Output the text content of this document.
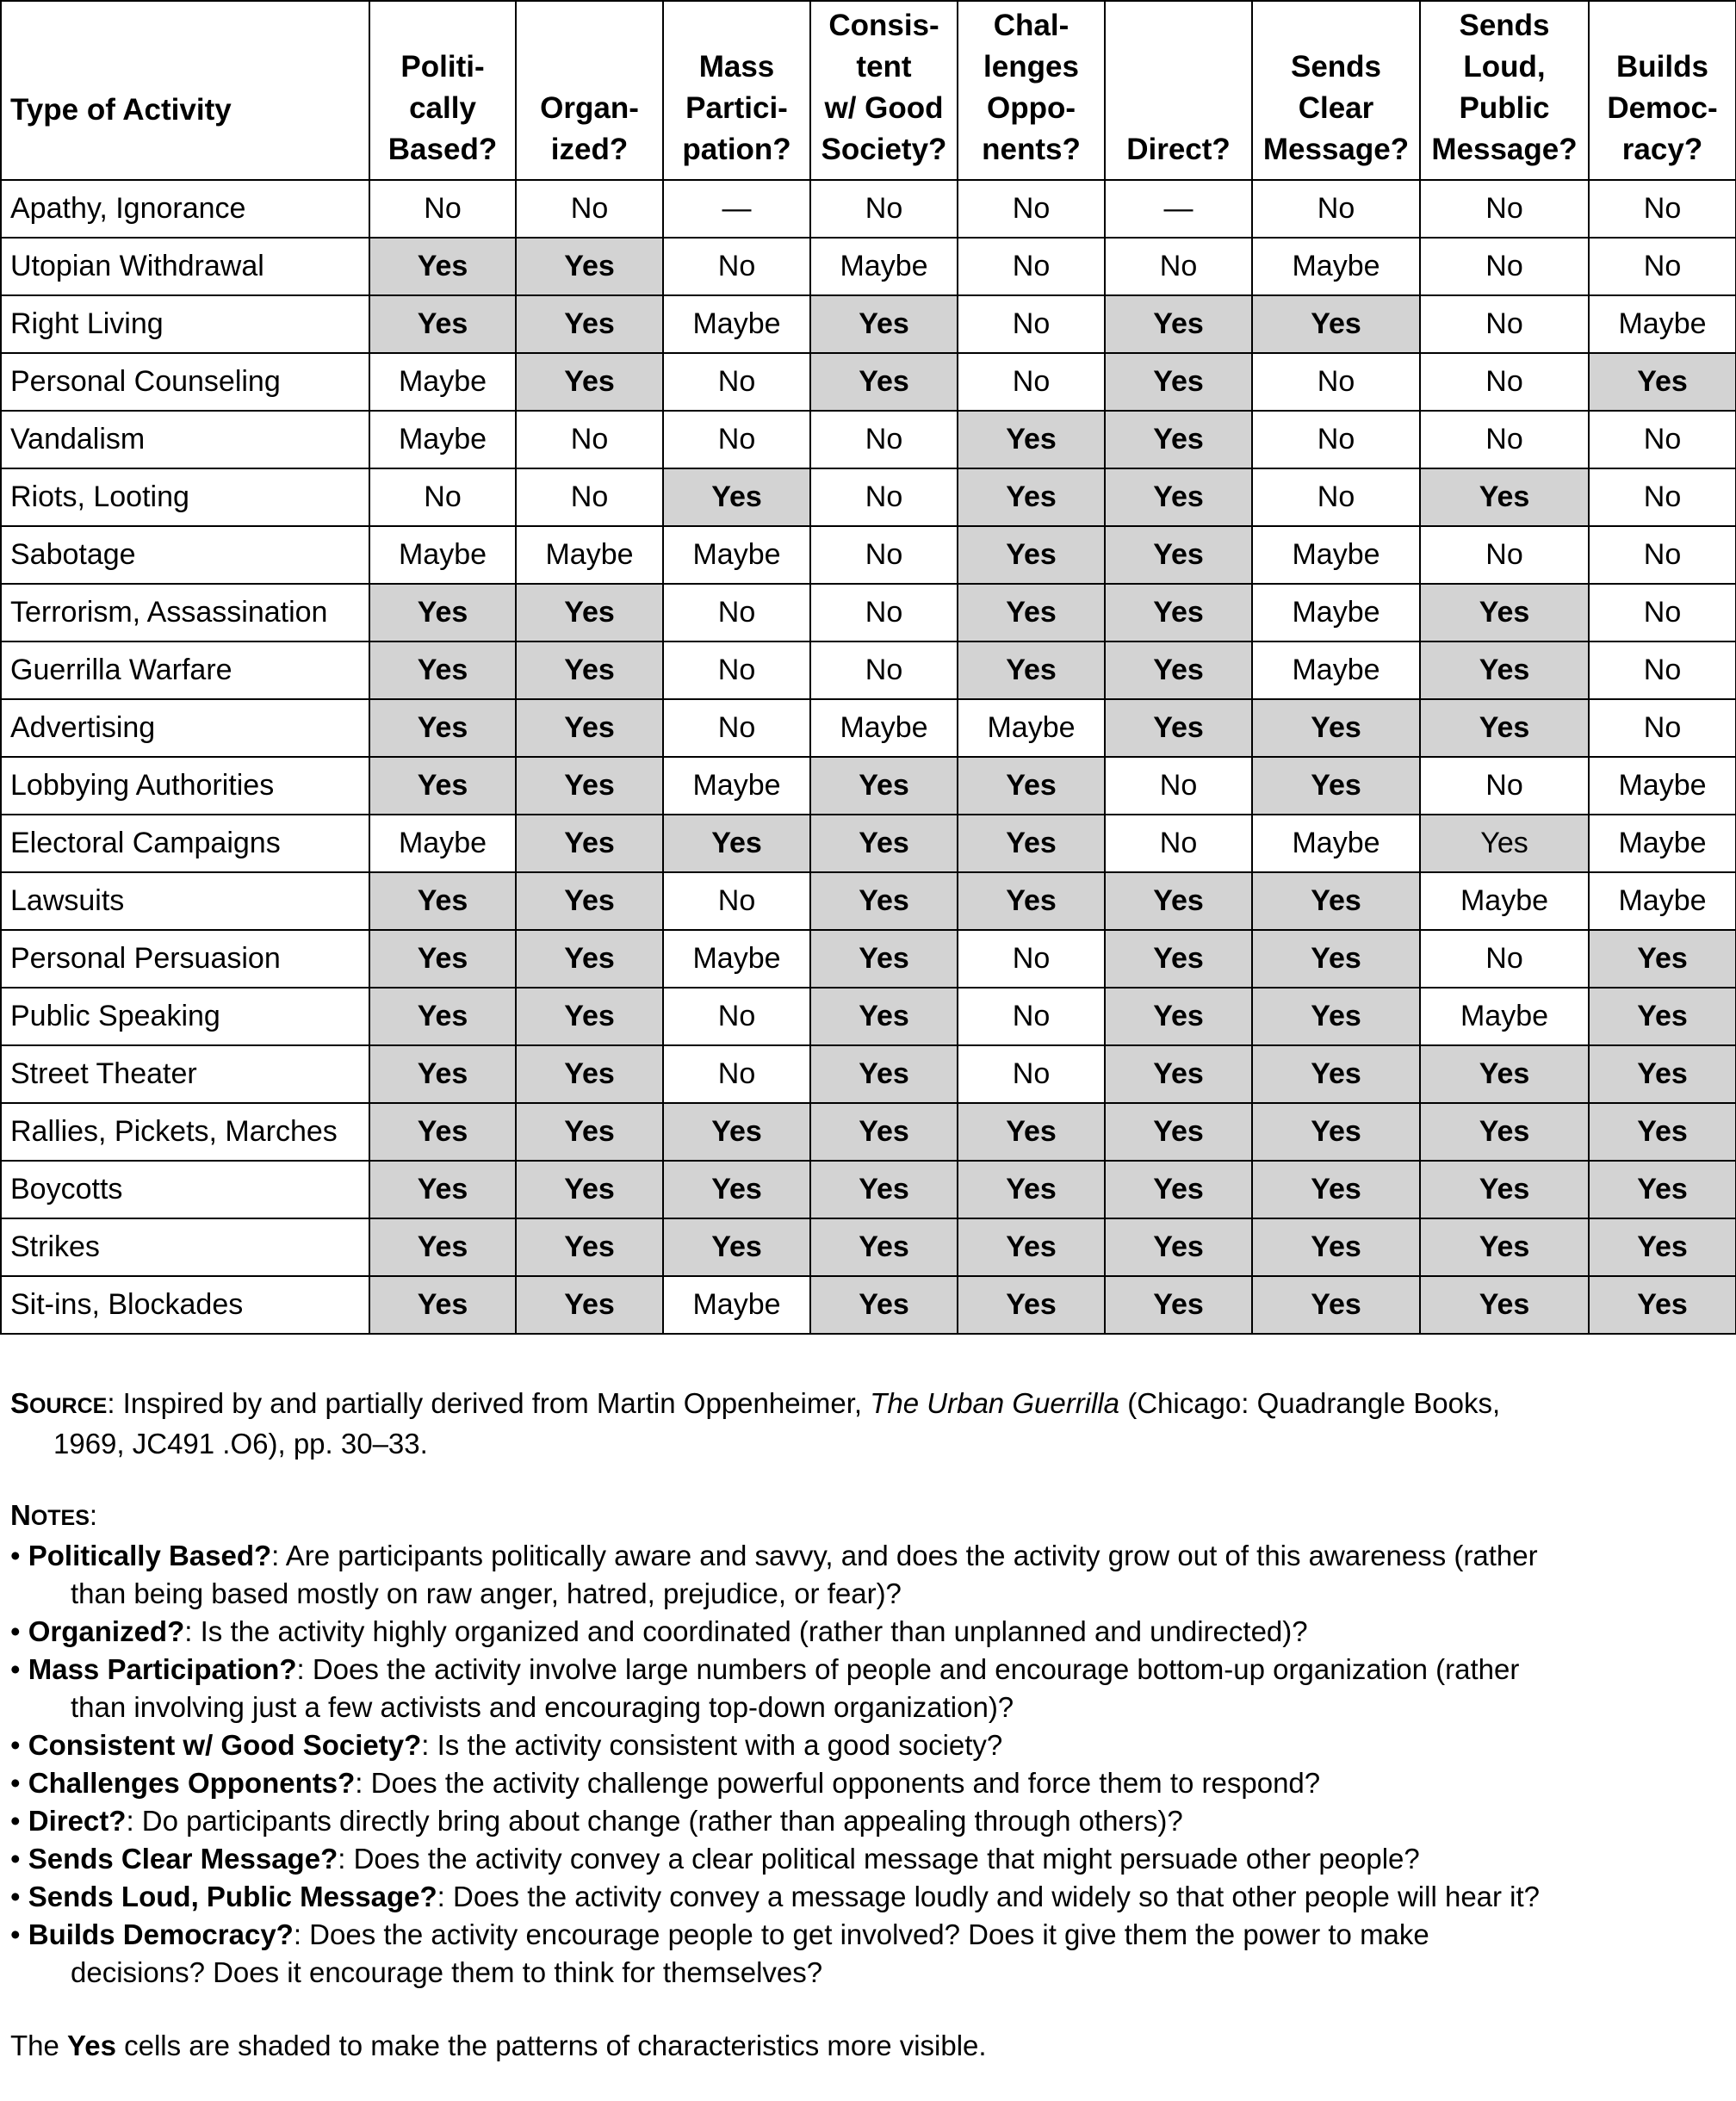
Type of Activity	Politi-
cally
Based?	Organ-
ized?	Mass
Partici-
pation?	Consis-
tent
w/ Good
Society?	Chal-
lenges
Oppo-
nents?	Direct?	Sends
Clear
Message?	Sends
Loud,
Public
Message?	Builds
Democ-
racy?

Apathy, Ignorance	No	No	—	No	No	—	No	No	No
Utopian Withdrawal	Yes	Yes	No	Maybe	No	No	Maybe	No	No
Right Living	Yes	Yes	Maybe	Yes	No	Yes	Yes	No	Maybe
Personal Counseling	Maybe	Yes	No	Yes	No	Yes	No	No	Yes
Vandalism	Maybe	No	No	No	Yes	Yes	No	No	No
Riots, Looting	No	No	Yes	No	Yes	Yes	No	Yes	No
Sabotage	Maybe	Maybe	Maybe	No	Yes	Yes	Maybe	No	No
Terrorism, Assassination	Yes	Yes	No	No	Yes	Yes	Maybe	Yes	No
Guerrilla Warfare	Yes	Yes	No	No	Yes	Yes	Maybe	Yes	No
Advertising	Yes	Yes	No	Maybe	Maybe	Yes	Yes	Yes	No
Lobbying Authorities	Yes	Yes	Maybe	Yes	Yes	No	Yes	No	Maybe
Electoral Campaigns	Maybe	Yes	Yes	Yes	Yes	No	Maybe	Yes	Maybe
Lawsuits	Yes	Yes	No	Yes	Yes	Yes	Yes	Maybe	Maybe
Personal Persuasion	Yes	Yes	Maybe	Yes	No	Yes	Yes	No	Yes
Public Speaking	Yes	Yes	No	Yes	No	Yes	Yes	Maybe	Yes
Street Theater	Yes	Yes	No	Yes	No	Yes	Yes	Yes	Yes
Rallies, Pickets, Marches	Yes	Yes	Yes	Yes	Yes	Yes	Yes	Yes	Yes
Boycotts	Yes	Yes	Yes	Yes	Yes	Yes	Yes	Yes	Yes
Strikes	Yes	Yes	Yes	Yes	Yes	Yes	Yes	Yes	Yes
Sit-ins, Blockades	Yes	Yes	Maybe	Yes	Yes	Yes	Yes	Yes	Yes
SOURCE: Inspired by and partially derived from Martin Oppenheimer, The Urban Guerrilla (Chicago: Quadrangle Books,
1969, JC491 .O6), pp. 30–33.
NOTES:
• Politically Based?: Are participants politically aware and savvy, and does the activity grow out of this awareness (rather
than being based mostly on raw anger, hatred, prejudice, or fear)?
• Organized?: Is the activity highly organized and coordinated (rather than unplanned and undirected)?
• Mass Participation?: Does the activity involve large numbers of people and encourage bottom-up organization (rather
than involving just a few activists and encouraging top-down organization)?
• Consistent w/ Good Society?: Is the activity consistent with a good society?
• Challenges Opponents?: Does the activity challenge powerful opponents and force them to respond?
• Direct?: Do participants directly bring about change (rather than appealing through others)?
• Sends Clear Message?: Does the activity convey a clear political message that might persuade other people?
• Sends Loud, Public Message?: Does the activity convey a message loudly and widely so that other people will hear it?
• Builds Democracy?: Does the activity encourage people to get involved? Does it give them the power to make
decisions? Does it encourage them to think for themselves?
The Yes cells are shaded to make the patterns of characteristics more visible.
